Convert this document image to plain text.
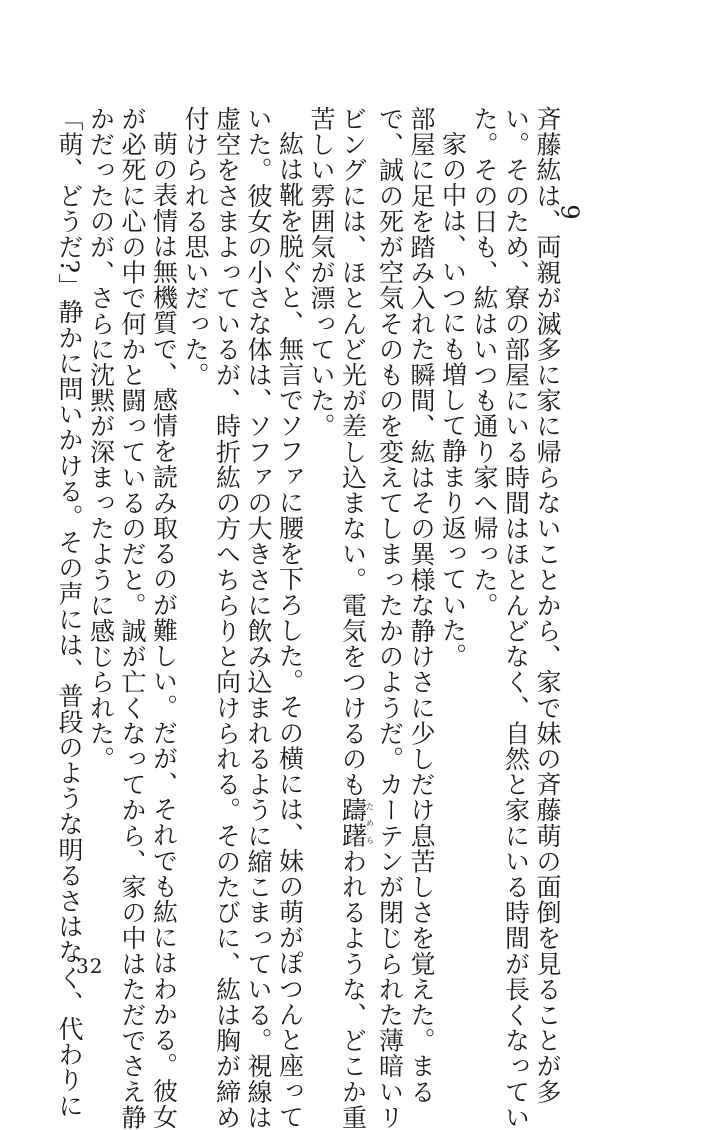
9

斉藤紘は、両親が滅多に家に帰らないことから、家で妹の斉藤萌の面倒を見ることが多

い。そのため、寮の部屋にいる時間はほとんどなく、自然と家にいる時間が長くなってい

た。その日も、紘はいつも通り家へ帰った。

家の中は、いつにも増して静まり返っていた。

部屋に足を踏み入れた瞬間、紘はその異様な静けさに少しだけ息苦しさを覚えた。まる

で、誠の死が空気そのものを変えてしまったかのようだ。カーテンが閉じられた薄暗いリ

ビングには、ほとんど光が差し込まない。電気をつけるのも躊躇ためらわれるような、どこか重

苦しい雰囲気が漂っていた。

紘は靴を脱ぐと、無言でソファに腰を下ろした。その横には、妹の萌がぽつんと座って

いた。彼女の小さな体は、ソファの大きさに飲み込まれるように縮こまっている。視線は

虚空をさまよっているが、時折紘の方へちらりと向けられる。そのたびに、紘は胸が締め

付けられる思いだった。

萌の表情は無機質で、感情を読み取るのが難しい。だが、それでも紘にはわかる。彼女

が必死に心の中で何かと闘っているのだと。誠が亡くなってから、家の中はただでさえ静

かだったのが、さらに沈黙が深まったように感じられた。

「萌、どうだ?」静かに問いかける。その声には、普段のような明るさはなく、代わりに

32
